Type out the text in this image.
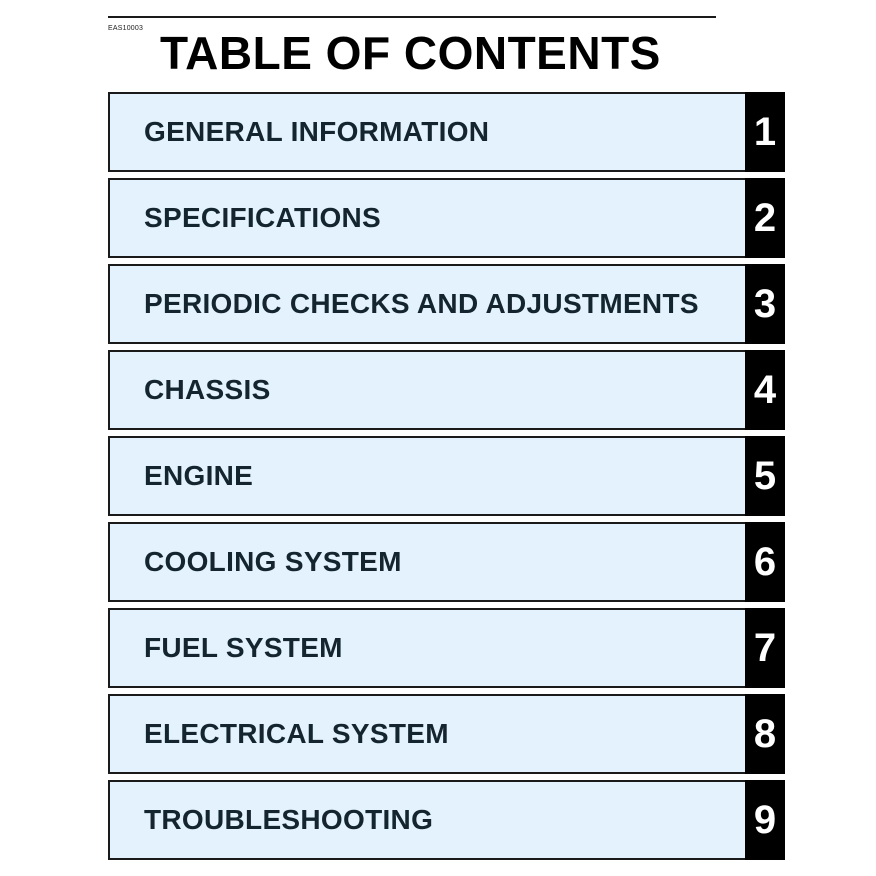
EAS10003 TABLE OF CONTENTS
GENERAL INFORMATION	1
SPECIFICATIONS	2
PERIODIC CHECKS AND ADJUSTMENTS 3
CHASSIS	4
ENGINE	5
COOLING SYSTEM	6
FUEL SYSTEM	7
ELECTRICAL SYSTEM	8
TROUBLESHOOTING	9
